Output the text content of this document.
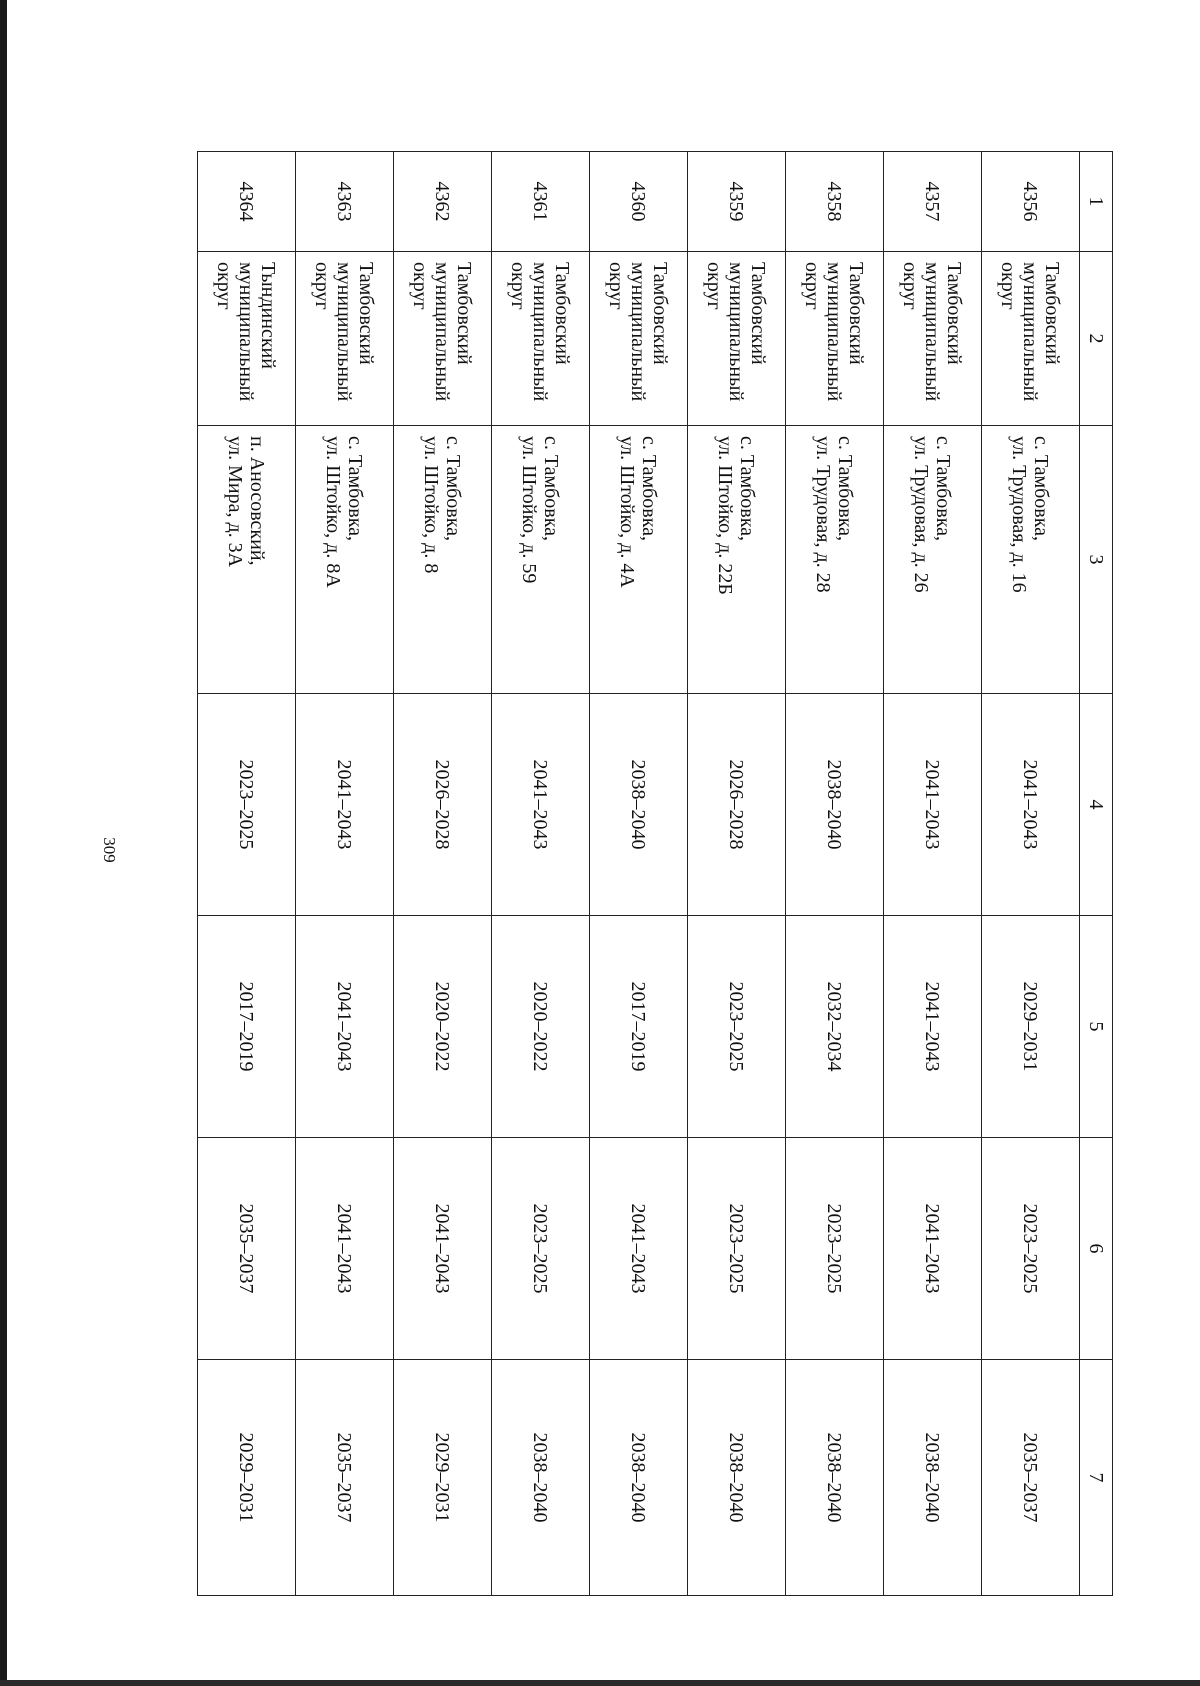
309
1	2	3	4	5	6	7
4356	Тамбовский
муниципальный
округ	с. Тамбовка,
ул. Трудовая, д. 16	2041–2043	2029–2031	2023–2025	2035–2037
4357	Тамбовский
муниципальный
округ	с. Тамбовка,
ул. Трудовая, д. 26	2041–2043	2041–2043	2041–2043	2038–2040
4358	Тамбовский
муниципальный
округ	с. Тамбовка,
ул. Трудовая, д. 28	2038–2040	2032–2034	2023–2025	2038–2040
4359	Тамбовский
муниципальный
округ	с. Тамбовка,
ул. Штойко, д. 22Б	2026–2028	2023–2025	2023–2025	2038–2040
4360	Тамбовский
муниципальный
округ	с. Тамбовка,
ул. Штойко, д. 4А	2038–2040	2017–2019	2041–2043	2038–2040
4361	Тамбовский
муниципальный
округ	с. Тамбовка,
ул. Штойко, д. 59	2041–2043	2020–2022	2023–2025	2038–2040
4362	Тамбовский
муниципальный
округ	с. Тамбовка,
ул. Штойко, д. 8	2026–2028	2020–2022	2041–2043	2029–2031
4363	Тамбовский
муниципальный
округ	с. Тамбовка,
ул. Штойко, д. 8А	2041–2043	2041–2043	2041–2043	2035–2037
4364	Тындинский
муниципальный
округ	п. Аносовский,
ул. Мира, д. 3А	2023–2025	2017–2019	2035–2037	2029–2031
